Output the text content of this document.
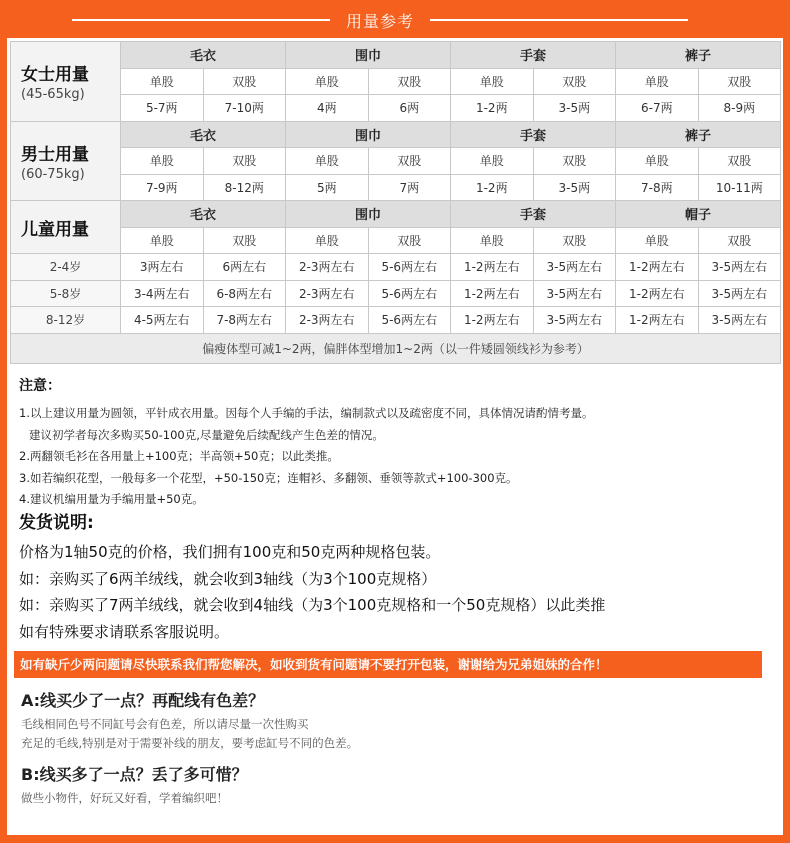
用量参考
女士用量
(45-65kg)	毛衣		围巾		手套		裤子	
	单股	双股	单股	双股	单股	双股	单股	双股
	5-7两	7-10两	4两	6两	1-2两	3-5两	6-7两	8-9两

男士用量
(60-75kg)	毛衣		围巾		手套		裤子	
	单股	双股	单股	双股	单股	双股	单股	双股
	7-9两	8-12两	5两	7两	1-2两	3-5两	7-8两	10-11两

儿童用量	毛衣		围巾		手套		帽子	
	单股	双股	单股	双股	单股	双股	单股	双股
2-4岁	3两左右	6两左右	2-3两左右	5-6两左右	1-2两左右	3-5两左右	1-2两左右	3-5两左右
5-8岁	3-4两左右	6-8两左右	2-3两左右	5-6两左右	1-2两左右	3-5两左右	1-2两左右	3-5两左右
8-12岁	4-5两左右	7-8两左右	2-3两左右	5-6两左右	1-2两左右	3-5两左右	1-2两左右	3-5两左右
偏瘦体型可减1~2两，偏胖体型增加1~2两（以一件矮圆领线衫为参考）								
注意：
1.以上建议用量为圆领，平针成衣用量。因每个人手编的手法，编制款式以及疏密度不同，具体情况请酌情考量。
建议初学者每次多购买50-100克,尽量避免后续配线产生色差的情况。
2.两翻领毛衫在各用量上+100克；半高领+50克；以此类推。
3.如若编织花型，一般每多一个花型，+50-150克；连帽衫、多翻领、垂领等款式+100-300克。
4.建议机编用量为手编用量+50克。
发货说明:
价格为1轴50克的价格，我们拥有100克和50克两种规格包装。
如：亲购买了6两羊绒线，就会收到3轴线（为3个100克规格）
如：亲购买了7两羊绒线，就会收到4轴线（为3个100克规格和一个50克规格）以此类推
如有特殊要求请联系客服说明。
如有缺斤少两问题请尽快联系我们帮您解决，如收到货有问题请不要打开包装，谢谢给为兄弟姐妹的合作！
A:线买少了一点？再配线有色差？
毛线相同色号不同缸号会有色差，所以请尽量一次性购买
充足的毛线,特别是对于需要补线的朋友，要考虑缸号不同的色差。
B:线买多了一点？丢了多可惜？
做些小物件，好玩又好看，学着编织吧！
